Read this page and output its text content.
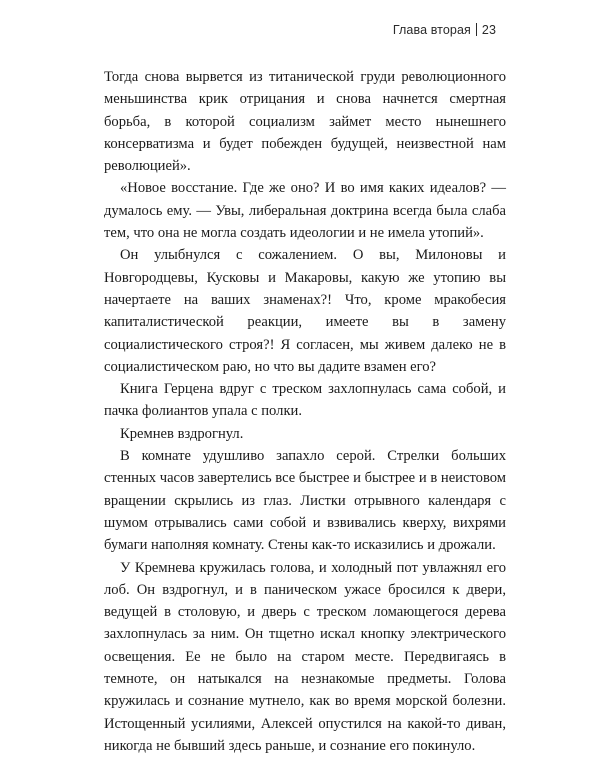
Глава вторая 23

Тогда снова вырвется из титанической груди революционного меньшинства крик отрицания и снова начнется смертная борьба, в которой социализм займет место нынешнего консерватизма и будет побежден будущей, неизвестной нам революцией».

«Новое восстание. Где же оно? И во имя каких идеалов? — думалось ему. — Увы, либеральная доктрина всегда была слаба тем, что она не могла создать идеологии и не имела утопий».

Он улыбнулся с сожалением. О вы, Милоновы и Новгородцевы, Кусковы и Макаровы, какую же утопию вы начертаете на ваших знаменах?! Что, кроме мракобесия капиталистической реакции, имеете вы в замену социалистического строя?! Я согласен, мы живем далеко не в социалистическом раю, но что вы дадите взамен его?

Книга Герцена вдруг с треском захлопнулась сама собой, и пачка фолиантов упала с полки.

Кремнев вздрогнул.

В комнате удушливо запахло серой. Стрелки больших стенных часов завертелись все быстрее и быстрее и в неистовом вращении скрылись из глаз. Листки отрывного календаря с шумом отрывались сами собой и взвивались кверху, вихрями бумаги наполняя комнату. Стены как-то исказились и дрожали.

У Кремнева кружилась голова, и холодный пот увлажнял его лоб. Он вздрогнул, и в паническом ужасе бросился к двери, ведущей в столовую, и дверь с треском ломающегося дерева захлопнулась за ним. Он тщетно искал кнопку электрического освещения. Ее не было на старом месте. Передвигаясь в темноте, он натыкался на незнакомые предметы. Голова кружилась и сознание мутнело, как во время морской болезни. Истощенный усилиями, Алексей опустился на какой-то диван, никогда не бывший здесь раньше, и сознание его покинуло.
